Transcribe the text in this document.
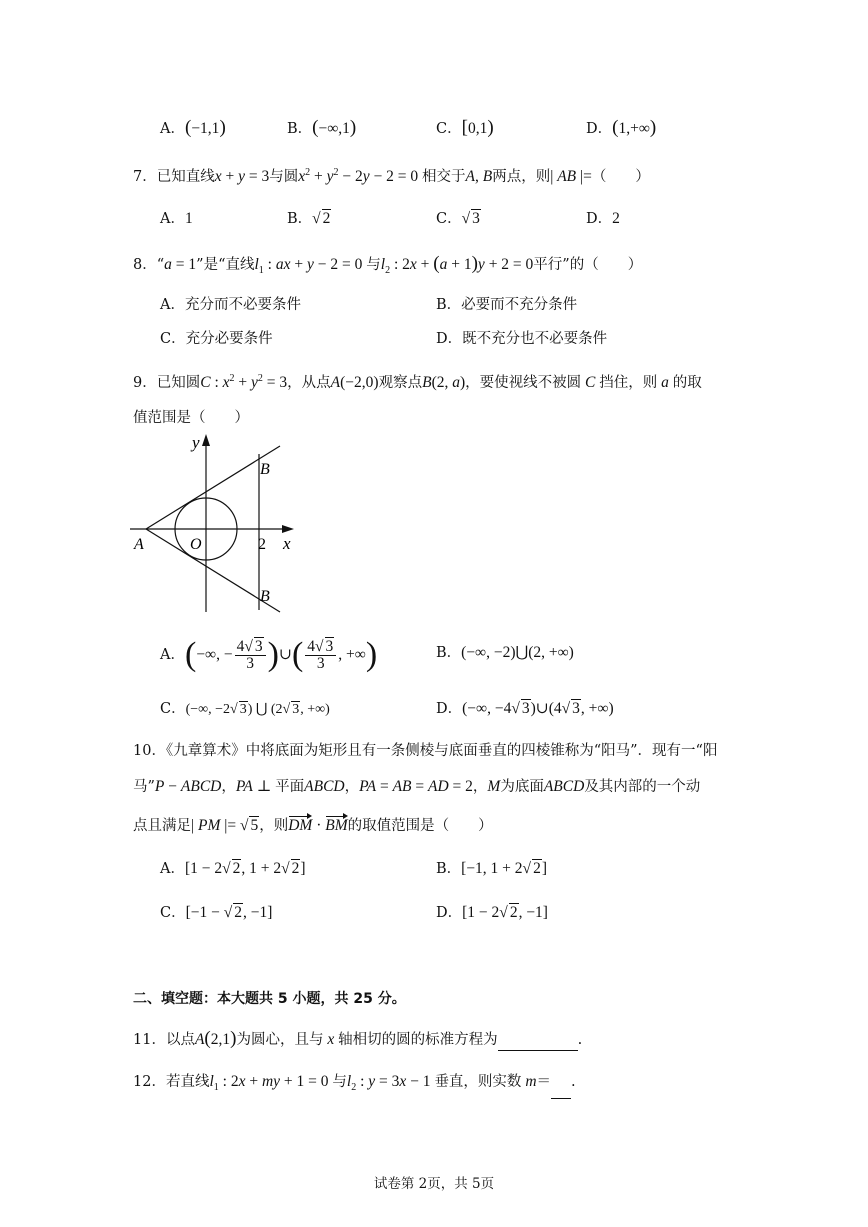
A．(−1,1)	B．(−∞,1)	C．[0,1)	D．(1,+∞)
7．已知直线x + y = 3与圆$x^2 + y^2 - 2y - 2 = 0$ 相交于A, B两点，则| AB |=（　　）
A．1	B．√ 2	C．√ 3	D．2
8．“a = 1”是“直线$l_1$ : ax + y − 2 = 0 与$l_2$ : 2x + (a + 1)y + 2 = 0平行”的（　　）
A．充分而不必要条件	B．必要而不充分条件
C．充分必要条件	D．既不充分也不必要条件
9．已知圆C : $x^2 + y^2 = 3$，从点A(−2,0)观察点B(2, a)，要使视线不被圆 C 挡住，则 a 的取
值范围是（　　）
y
x
A	O	2
B
B
A．(−∞, − $\frac{4√ 3}{3}$ )∪( $\frac{4√ 3}{3}$ , +∞)	B．(−∞, −2)⋃(2, +∞)
C．(−∞, −2√ 3) ⋃ (2√ 3, +∞)	D．(−∞, −4√ 3)∪(4√ 3, +∞)
10．《九章算术》中将底面为矩形且有一条侧棱与底面垂直的四棱锥称为“阳马”．现有一“阳
马”P − ABCD，PA ⊥ 平面ABCD，PA = AB = AD = 2，M为底面ABCD及其内部的一个动
点且满足| PM |= √ 5，则DM · BM的取值范围是（　　）
A．[1 − 2√ 2, 1 + 2√ 2]	B．[−1, 1 + 2√ 2]
C．[−1 − √ 2, −1]	D．[1 − 2√ 2, −1]
二、填空题：本大题共 5 小题，共 25 分。
11．以点A(2,1)为圆心，且与 x 轴相切的圆的标准方程为	.
12．若直线$l_1$ : 2x + my + 1 = 0 与$l_2$ : y = 3x − 1 垂直，则实数 m＝ .
试卷第 2页，共 5页
